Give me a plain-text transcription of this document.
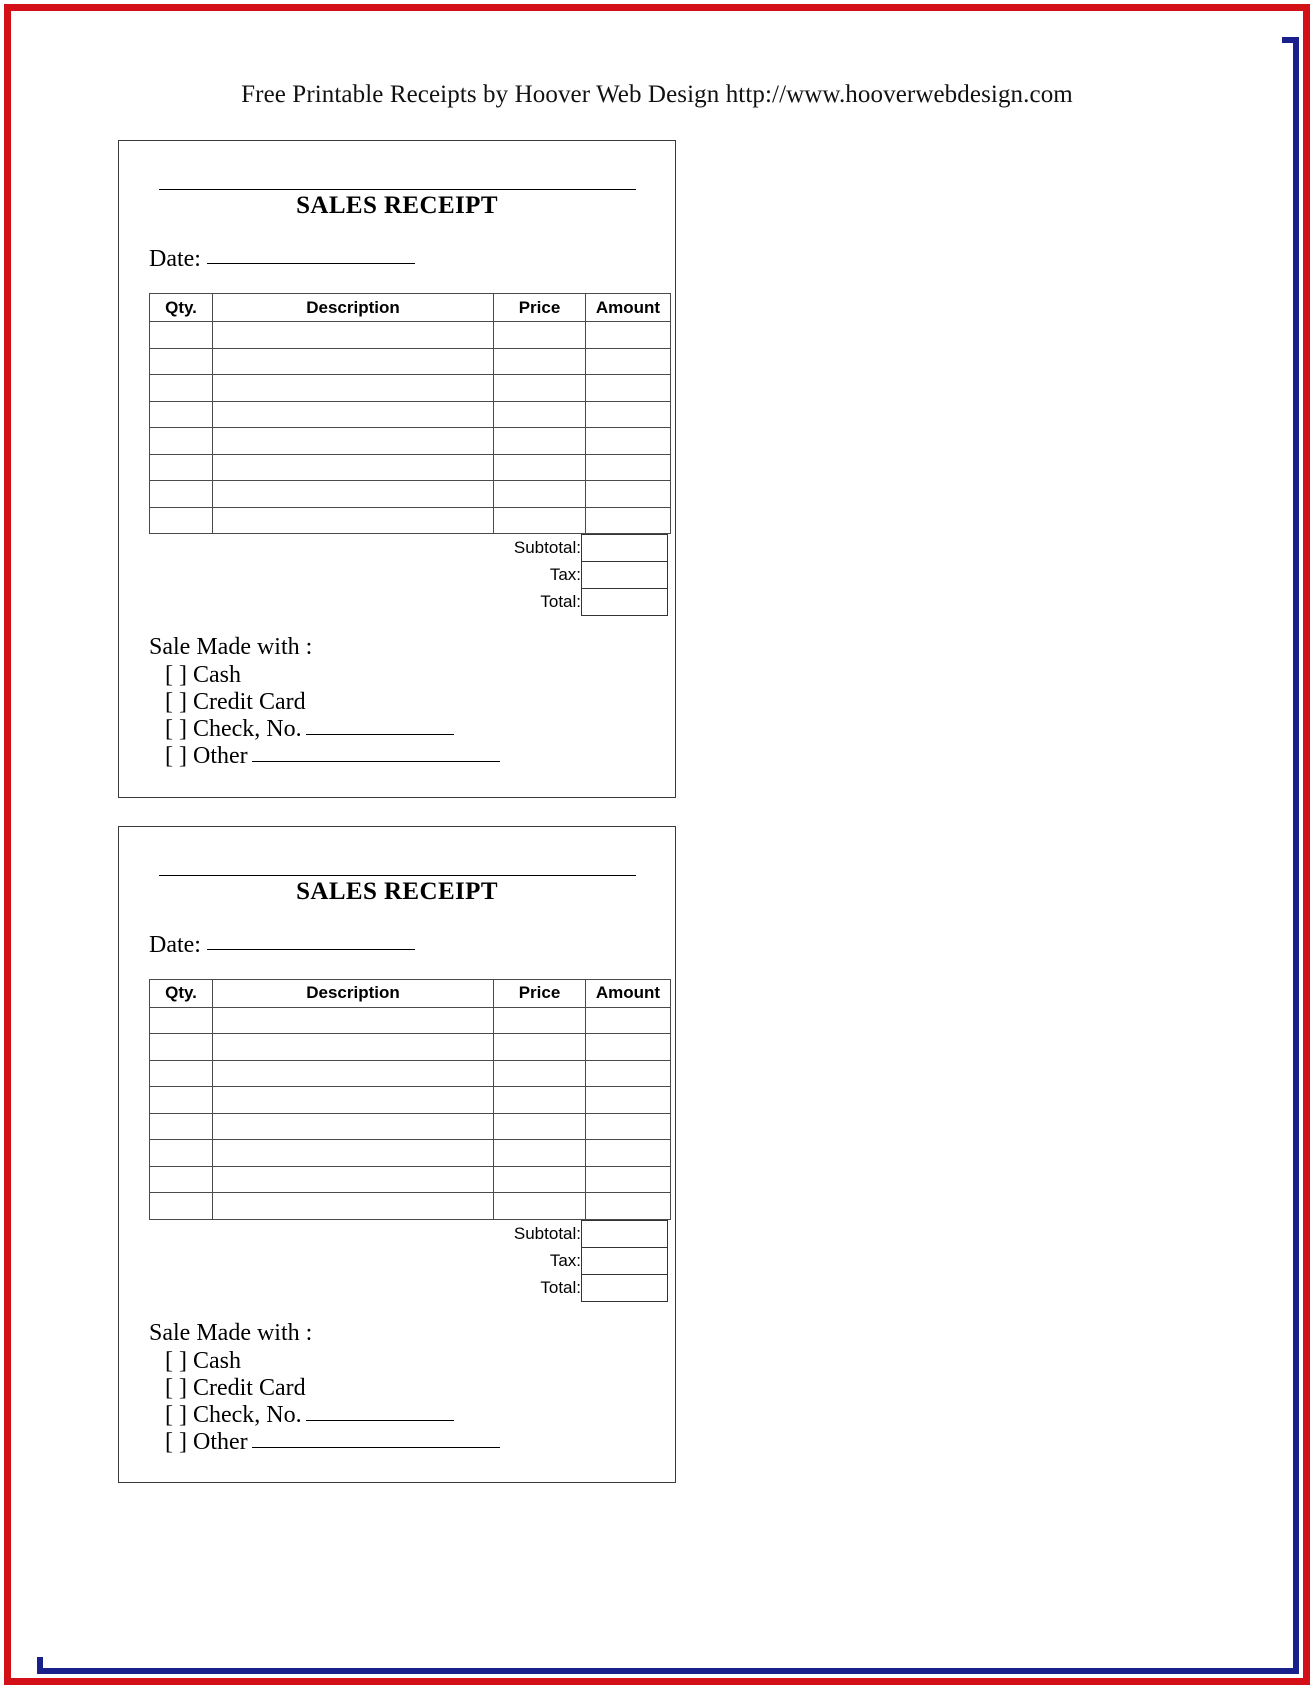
Free Printable Receipts by Hoover Web Design http://www.hooverwebdesign.com
SALES RECEIPT
Date:
Qty.	Description	Price	Amount

	Subtotal:	
	Tax:	
	Total:	
Sale Made with :
[ ] Cash
[ ] Credit Card
[ ] Check, No.
[ ] Other
SALES RECEIPT
Date:
Qty.	Description	Price	Amount

	Subtotal:	
	Tax:	
	Total:	
Sale Made with :
[ ] Cash
[ ] Credit Card
[ ] Check, No.
[ ] Other
